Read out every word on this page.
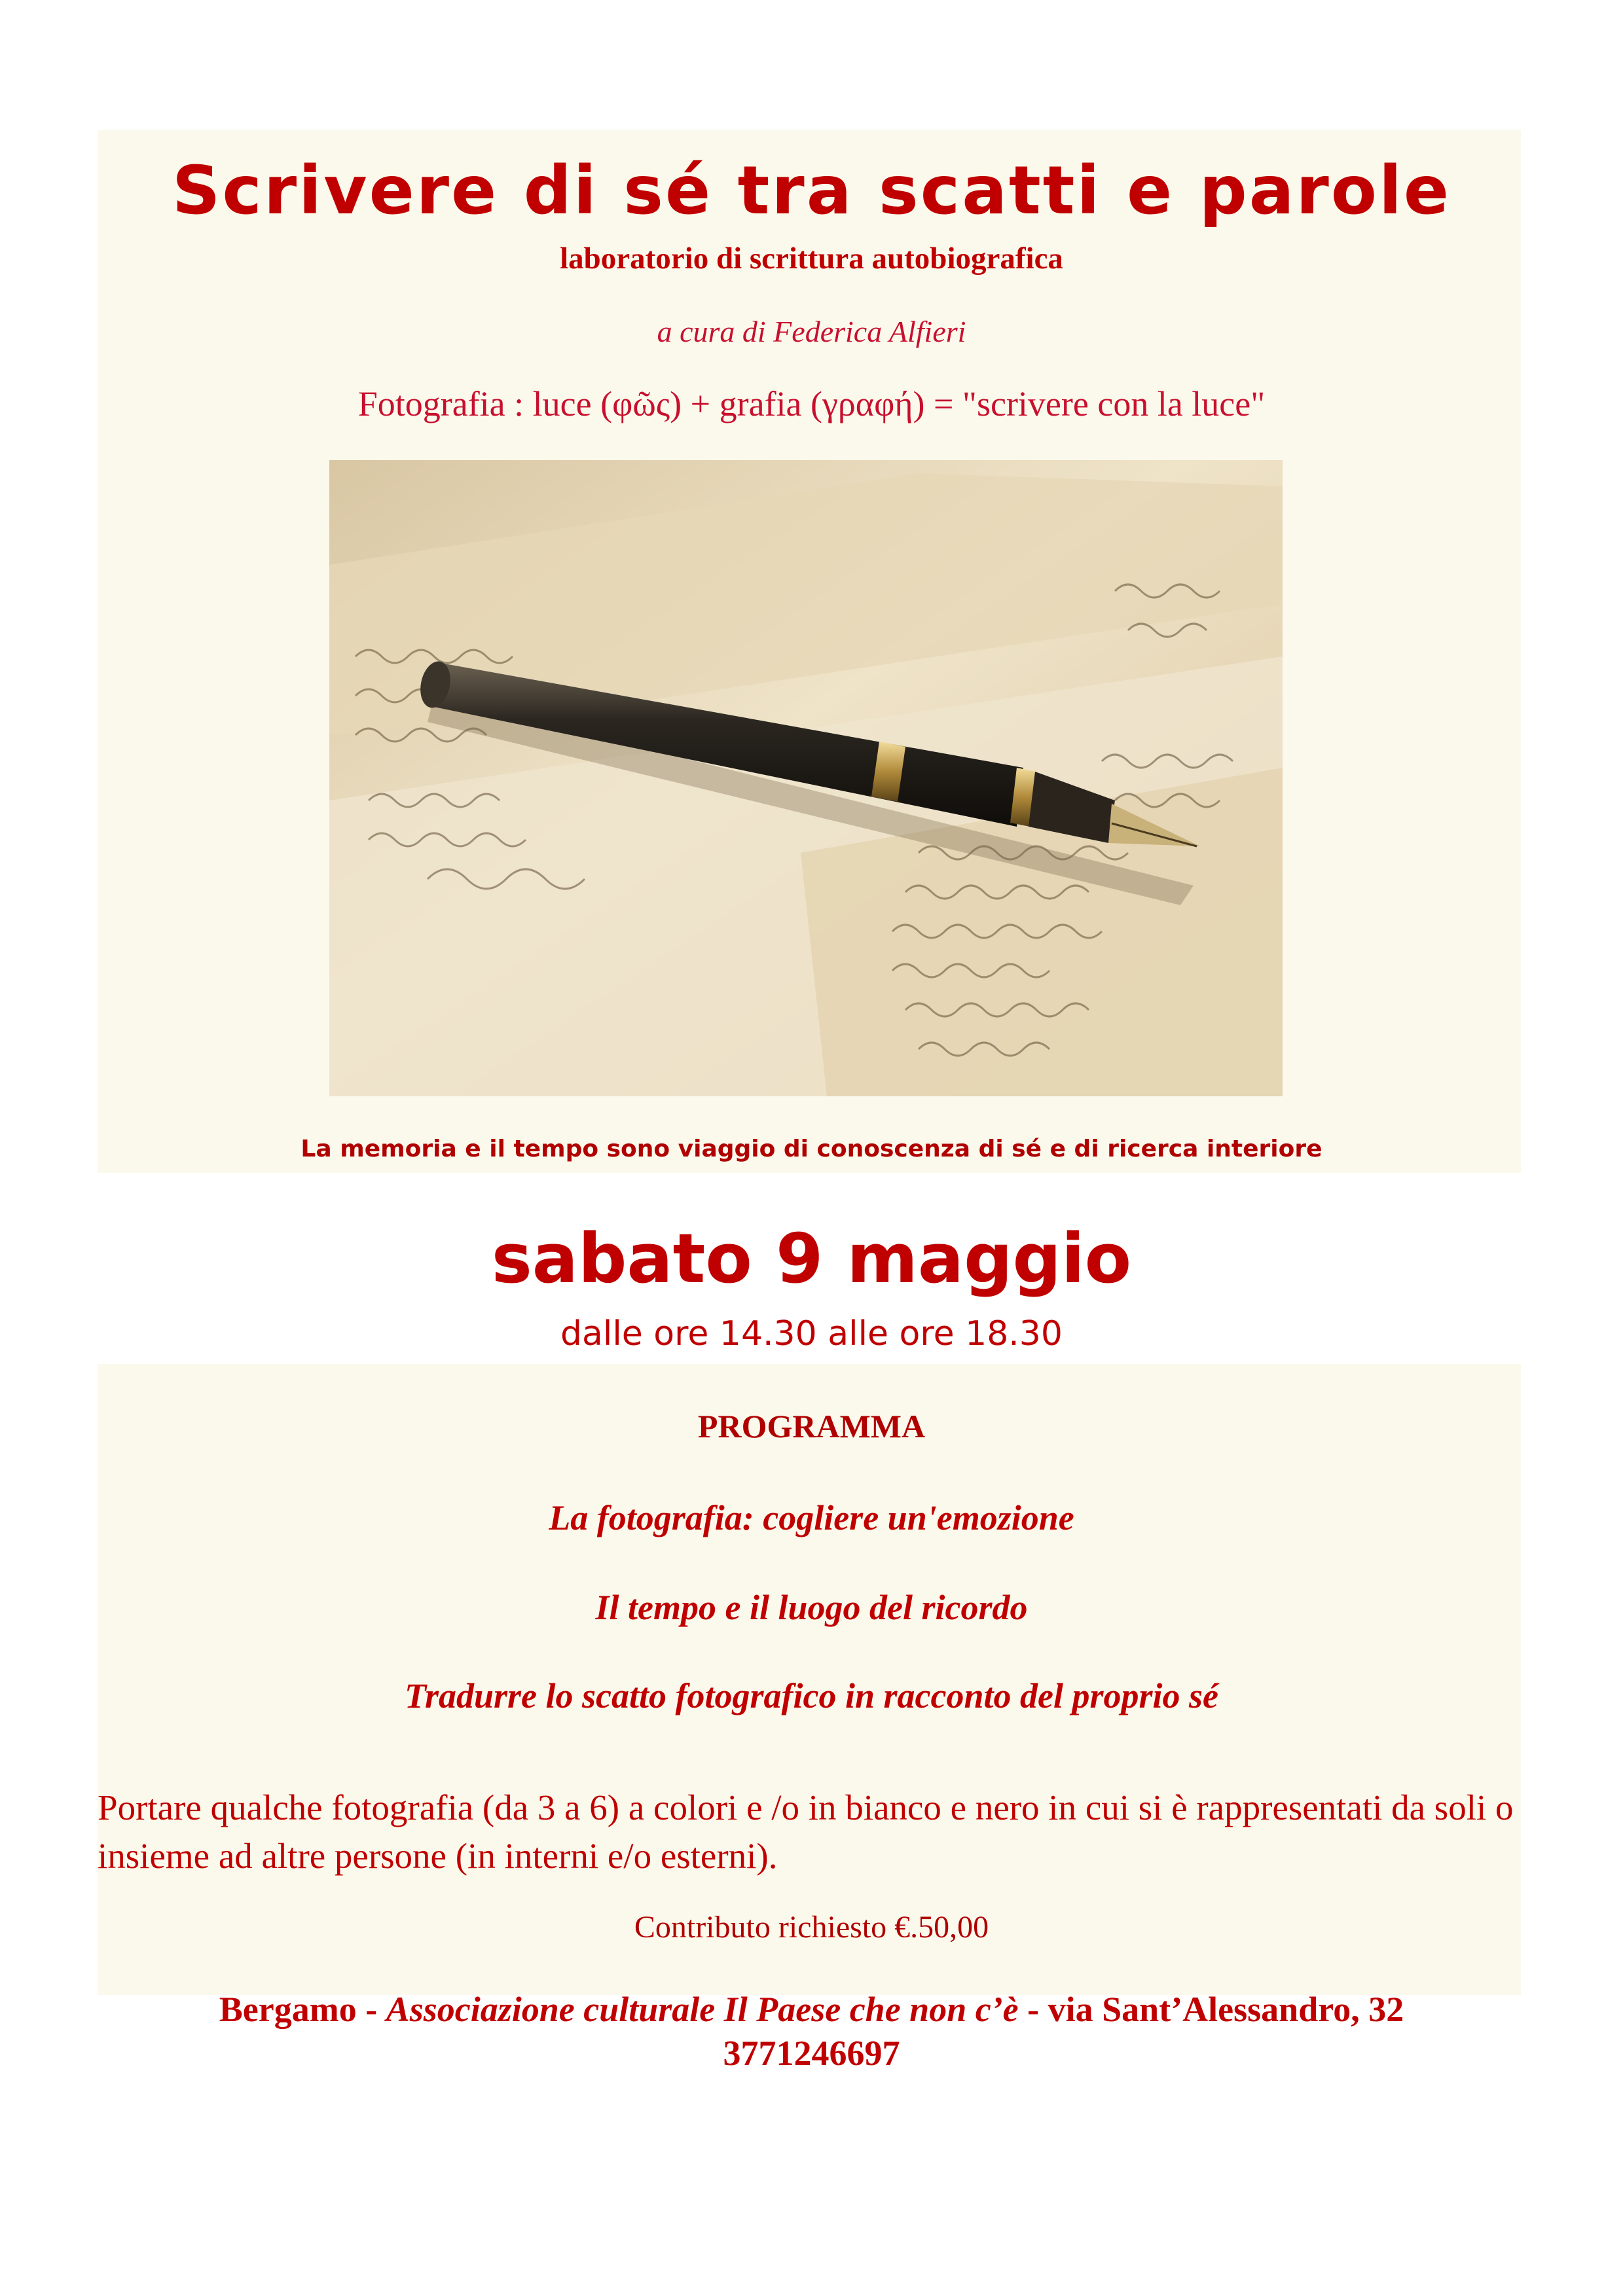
Scrivere di sé tra scatti e parole
laboratorio di scrittura autobiografica
a cura di Federica Alfieri
Fotografia : luce (φῶς) + grafia (γραφή) = "scrivere con la luce"
La memoria e il tempo sono viaggio di conoscenza di sé e di ricerca interiore
sabato 9 maggio
dalle ore 14.30 alle ore 18.30
PROGRAMMA
La fotografia: cogliere un'emozione
Il tempo e il luogo del ricordo
Tradurre lo scatto fotografico in racconto del proprio sé
Portare qualche fotografia (da 3 a 6) a colori e /o in bianco e nero in cui si è rappresentati da soli o insieme ad altre persone (in interni e/o esterni).
Contributo richiesto €.50,00
Bergamo - Associazione culturale Il Paese che non c’è - via Sant’Alessandro, 32
3771246697
